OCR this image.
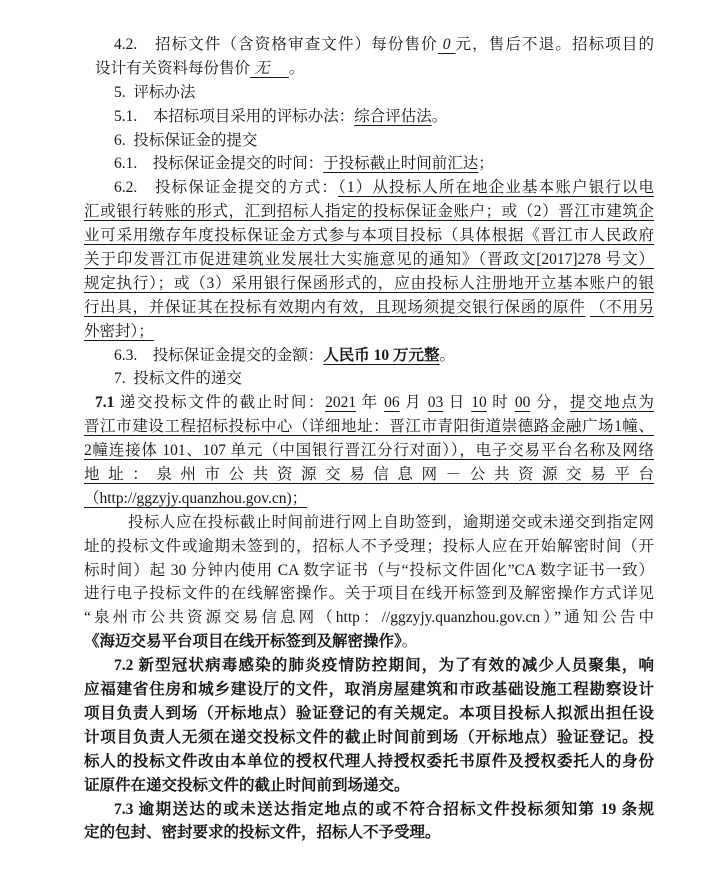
4.2.　招标文件（含资格审查文件）每份售价 0 元，售后不退。招标项目的
设计有关资料每份售价 无　 。
5. 评标办法
5.1.　本招标项目采用的评标办法：综合评估法。
6. 投标保证金的提交
6.1.　投标保证金提交的时间：于投标截止时间前汇达；
6.2.　投标保证金提交的方式：（1）从投标人所在地企业基本账户银行以电
汇或银行转账的形式，汇到招标人指定的投标保证金账户；或（2）晋江市建筑企
业可采用缴存年度投标保证金方式参与本项目投标（具体根据《晋江市人民政府
关于印发晋江市促进建筑业发展壮大实施意见的通知》（晋政文[2017]278 号文）
规定执行）；或（3）采用银行保函形式的，应由投标人注册地开立基本账户的银
行出具，并保证其在投标有效期内有效，且现场须提交银行保函的原件 （不用另
外密封）；
6.3.　投标保证金提交的金额：人民币 10 万元整。
7. 投标文件的递交
7.1 递交投标文件的截止时间：2021 年 06 月 03 日 10 时 00 分，提交地点为
晋江市建设工程招标投标中心（详细地址：晋江市青阳街道崇德路金融广场1幢、
2幢连接体 101、107 单元（中国银行晋江分行对面）），电子交易平台名称及网络
地址：泉州市公共资源交易信息网－公共资源交易平台
（http://ggzyjy.quanzhou.gov.cn)；
投标人应在投标截止时间前进行网上自助签到，逾期递交或未递交到指定网
址的投标文件或逾期未签到的，招标人不予受理；投标人应在开始解密时间（开
标时间）起 30 分钟内使用 CA 数字证书（与“投标文件固化”CA 数字证书一致）
进行电子投标文件的在线解密操作。关于项目在线开标签到及解密操作方式详见
“泉州市公共资源交易信息网（http：//ggzyjy.quanzhou.gov.cn）”通知公告中
《海迈交易平台项目在线开标签到及解密操作》。
7.2 新型冠状病毒感染的肺炎疫情防控期间，为了有效的减少人员聚集，响
应福建省住房和城乡建设厅的文件，取消房屋建筑和市政基础设施工程勘察设计
项目负责人到场（开标地点）验证登记的有关规定。本项目投标人拟派出担任设
计项目负责人无须在递交投标文件的截止时间前到场（开标地点）验证登记。投
标人的投标文件改由本单位的授权代理人持授权委托书原件及授权委托人的身份
证原件在递交投标文件的截止时间前到场递交。
7.3 逾期送达的或未送达指定地点的或不符合招标文件投标须知第 19 条规
定的包封、密封要求的投标文件，招标人不予受理。
